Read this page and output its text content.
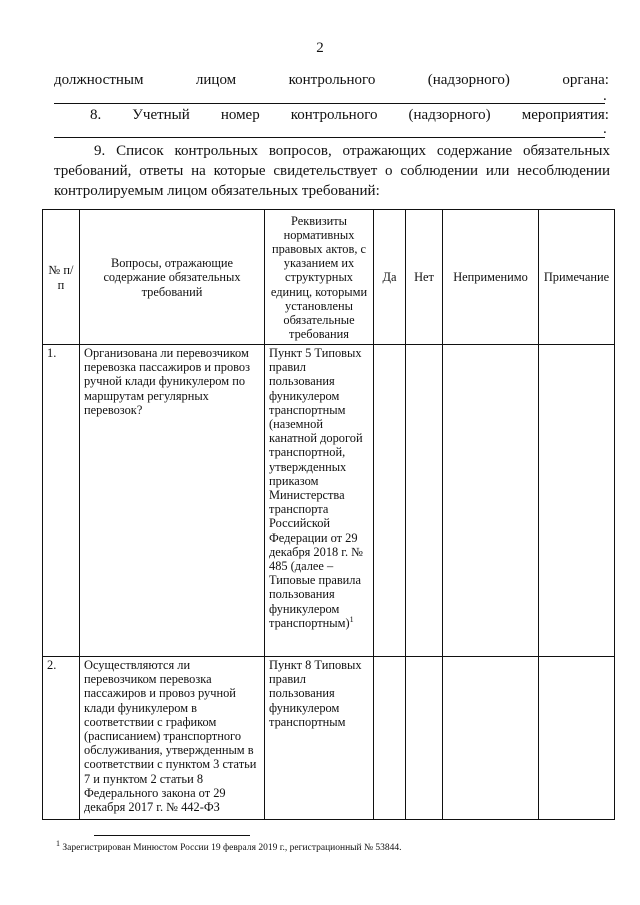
2
должностным	лицом	контрольного	(надзорного)	органа:
.
8. Учетный номер контрольного (надзорного) мероприятия:
.
9. Список контрольных вопросов, отражающих содержание обязательных требований, ответы на которые свидетельствует о соблюдении или несоблюдении контролируемым лицом обязательных требований:
№ п/п	Вопросы, отражающие содержание обязательных требований	Реквизиты нормативных правовых актов, с указанием их структурных единиц, которыми установлены обязательные требования	Да	Нет	Неприменимо	Примечание
1.	Организована ли перевозчиком перевозка пассажиров и провоз ручной клади фуникулером по маршрутам регулярных перевозок?	Пункт 5 Типовых правил пользования фуникулером транспортным (наземной канатной дорогой транспортной, утвержденных приказом Министерства транспорта Российской Федерации от 29 декабря 2018 г. № 485 (далее – Типовые правила пользования фуникулером транспортным)$^1$				
2.	Осуществляются ли перевозчиком перевозка пассажиров и провоз ручной клади фуникулером в соответствии с графиком (расписанием) транспортного обслуживания, утвержденным в соответствии с пунктом 3 статьи 7 и пунктом 2 статьи 8 Федерального закона от 29 декабря 2017 г. № 442-ФЗ	Пункт 8 Типовых правил пользования фуникулером транспортным				
$^1$ Зарегистрирован Минюстом России 19 февраля 2019 г., регистрационный № 53844.
